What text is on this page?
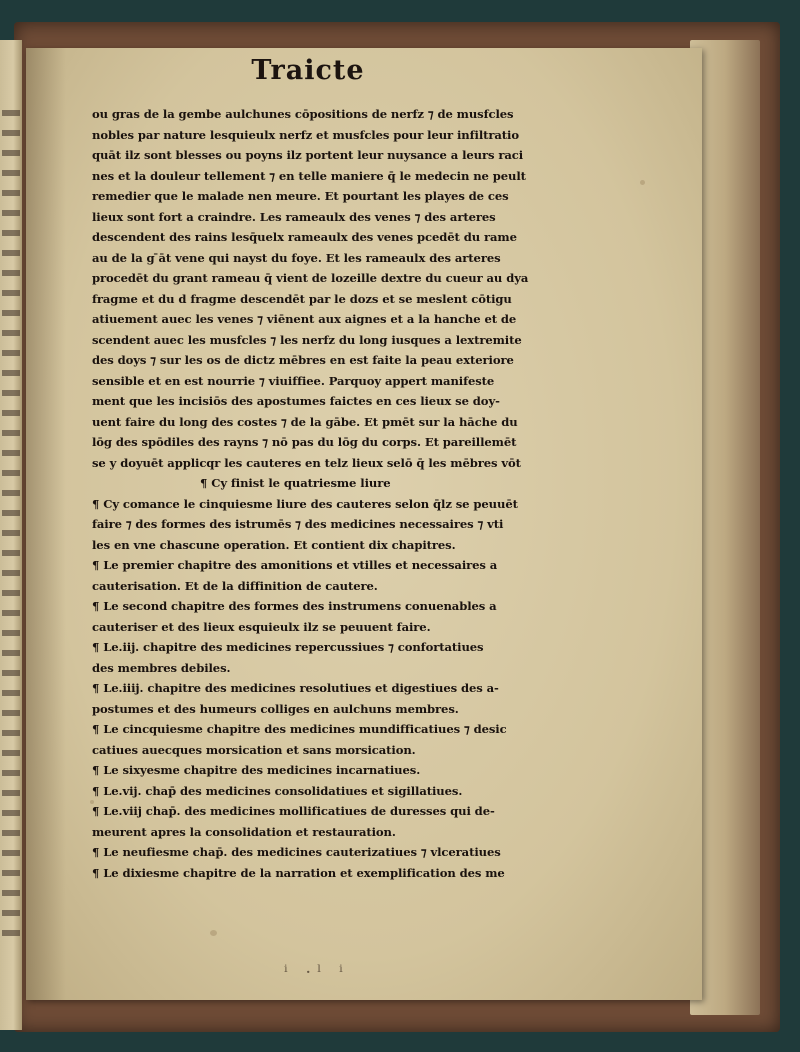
Traicte
ou gras de la gembe aulchunes cōpositions de nerfz ⁊ de musfcles
nobles par nature lesquieulx nerfz et musfcles pour leur infiltratio
quāt ilz sont blesses ou poyns ilz portent leur nuysance a leurs raci
nes et la douleur tellement ⁊ en telle maniere q̄ le medecin ne peult
remedier que le malade nen meure. Et pourtant les playes de ces
lieux sont fort a craindre. Les rameaulx des venes ⁊ des arteres
descendent des rains lesq̄uelx rameaulx des venes pcedēt du rame
au de la g ̄āt vene qui nayst du foye. Et les rameaulx des arteres
procedēt du grant rameau q̄ vient de lozeille dextre du cueur au dya
fragme et du d fragme descendēt par le dozs et se meslent cōtigu
atiuement auec les venes ⁊ viēnent aux aignes et a la hanche et de
scendent auec les musfcles ⁊ les nerfz du long iusques a lextremite
des doys ⁊ sur les os de dictz mēbres en est faite la peau exteriore
sensible et en est nourrie ⁊ viuiffiee. Parquoy appert manifeste
ment que les incisiōs des apostumes faictes en ces lieux se doy-
uent faire du long des costes ⁊ de la gābe. Et pmēt sur la hāche du
lōg des spōdiles des rayns ⁊ nō pas du lōg du corps. Et pareillemēt
se y doyuēt applicqr les cauteres en telz lieux selō q̄ les mēbres vōt
¶ Cy finist le quatriesme liure
¶ Cy comance le cinquiesme liure des cauteres selon q̄lz se peuuēt
faire ⁊ des formes des istrumēs ⁊ des medicines necessaires ⁊ vti
les en vne chascune operation. Et contient dix chapitres.
¶ Le premier chapitre des amonitions et vtilles et necessaires a
cauterisation. Et de la diffinition de cautere.
¶ Le second chapitre des formes des instrumens conuenables a
cauteriser et des lieux esquieulx ilz se peuuent faire.
¶ Le.iij. chapitre des medicines repercussiues ⁊ confortatiues
des membres debiles.
¶ Le.iiij. chapitre des medicines resolutiues et digestiues des a-
postumes et des humeurs colliges en aulchuns membres.
¶ Le cincquiesme chapitre des medicines mundifficatiues ⁊ desic
catiues auecques morsication et sans morsication.
¶ Le sixyesme chapitre des medicines incarnatiues.
¶ Le.vij. chap̄ des medicines consolidatiues et sigillatiues.
¶ Le.viij chap̄. des medicines mollificatiues de duresses qui de-
meurent apres la consolidation et restauration.
¶ Le neufiesme chap̄. des medicines cauterizatiues ⁊ vlceratiues
¶ Le dixiesme chapitre de la narration et exemplification des me
ⁱ ·ˡ ⁱ
